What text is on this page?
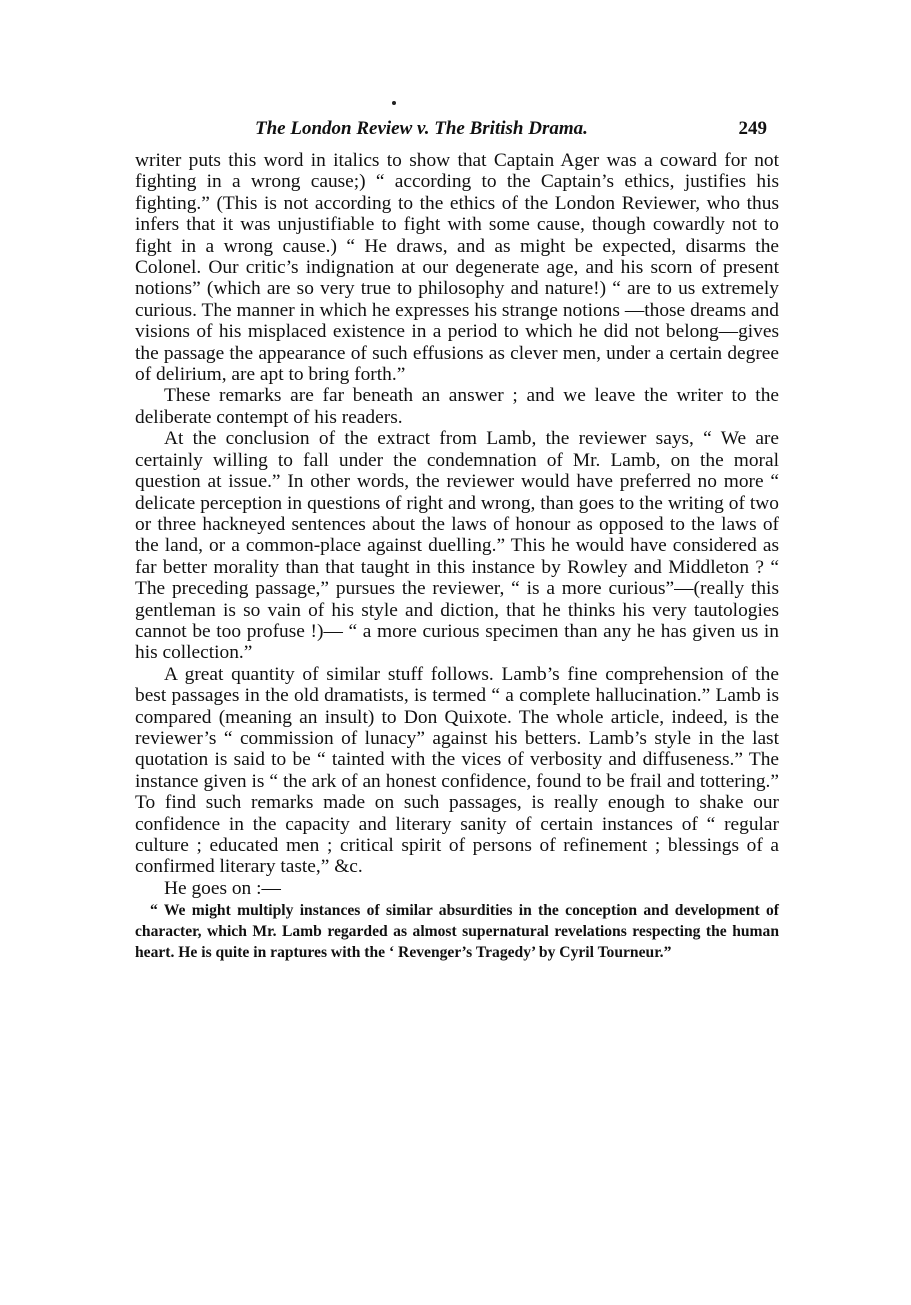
The London Review v. The British Drama.	249

writer puts this word in italics to show that Captain Ager was a coward for not fighting in a wrong cause;) “ according to the Captain’s ethics, justifies his fighting.” (This is not according to the ethics of the London Reviewer, who thus infers that it was unjustifiable to fight with some cause, though cowardly not to fight in a wrong cause.) “ He draws, and as might be expected, disarms the Colonel. Our critic’s indignation at our degenerate age, and his scorn of present notions” (which are so very true to philosophy and nature!) “ are to us extremely curious. The manner in which he expresses his strange notions —those dreams and visions of his misplaced existence in a period to which he did not belong—gives the passage the appearance of such effusions as clever men, under a certain degree of delirium, are apt to bring forth.”

These remarks are far beneath an answer ; and we leave the writer to the deliberate contempt of his readers.

At the conclusion of the extract from Lamb, the reviewer says, “ We are certainly willing to fall under the condemnation of Mr. Lamb, on the moral question at issue.” In other words, the reviewer would have preferred no more “ delicate perception in questions of right and wrong, than goes to the writing of two or three hackneyed sentences about the laws of honour as opposed to the laws of the land, or a common-place against duelling.” This he would have considered as far better morality than that taught in this instance by Rowley and Middleton ? “ The preceding passage,” pursues the reviewer, “ is a more curious”—(really this gentleman is so vain of his style and diction, that he thinks his very tautologies cannot be too profuse !)— “ a more curious specimen than any he has given us in his collection.”

A great quantity of similar stuff follows. Lamb’s fine comprehension of the best passages in the old dramatists, is termed “ a complete hallucination.” Lamb is compared (meaning an insult) to Don Quixote. The whole article, indeed, is the reviewer’s “ commission of lunacy” against his betters. Lamb’s style in the last quotation is said to be “ tainted with the vices of verbosity and diffuseness.” The instance given is “ the ark of an honest confidence, found to be frail and tottering.” To find such remarks made on such passages, is really enough to shake our confidence in the capacity and literary sanity of certain instances of “ regular culture ; educated men ; critical spirit of persons of refinement ; blessings of a confirmed literary taste,” &c.

He goes on :—

“ We might multiply instances of similar absurdities in the conception and development of character, which Mr. Lamb regarded as almost supernatural revelations respecting the human heart. He is quite in raptures with the ‘ Revenger’s Tragedy’ by Cyril Tourneur.”
